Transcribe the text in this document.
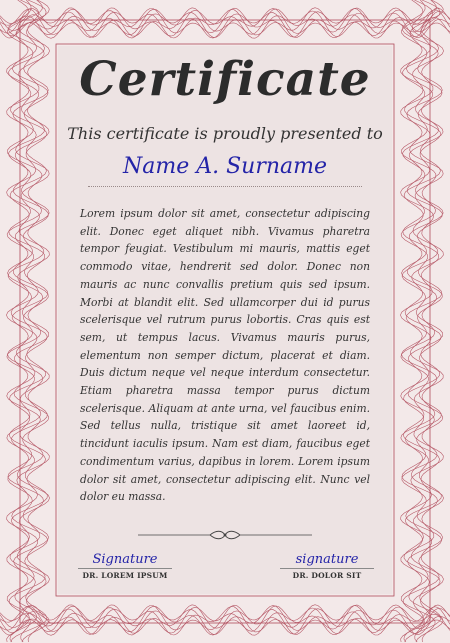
Certificate
This certificate is proudly presented to
Name A. Surname
Lorem ipsum dolor sit amet, consectetur adipiscing elit. Donec eget aliquet nibh. Vivamus pharetra tempor feugiat. Vestibulum mi mauris, mattis eget commodo vitae, hendrerit sed dolor. Donec non mauris ac nunc convallis pretium quis sed ipsum. Morbi at blandit elit. Sed ullamcorper dui id purus scelerisque vel rutrum purus lobortis. Cras quis est sem, ut tempus lacus. Vivamus mauris purus, elementum non semper dictum, placerat et diam. Duis dictum neque vel neque interdum consectetur. Etiam pharetra massa tempor purus dictum scelerisque. Aliquam at ante urna, vel faucibus enim. Sed tellus nulla, tristique sit amet laoreet id, tincidunt iaculis ipsum. Nam est diam, faucibus eget condimentum varius, dapibus in lorem. Lorem ipsum dolor sit amet, consectetur adipiscing elit. Nunc vel dolor eu massa.
Signature
DR. LOREM IPSUM
signature
DR. DOLOR SIT
